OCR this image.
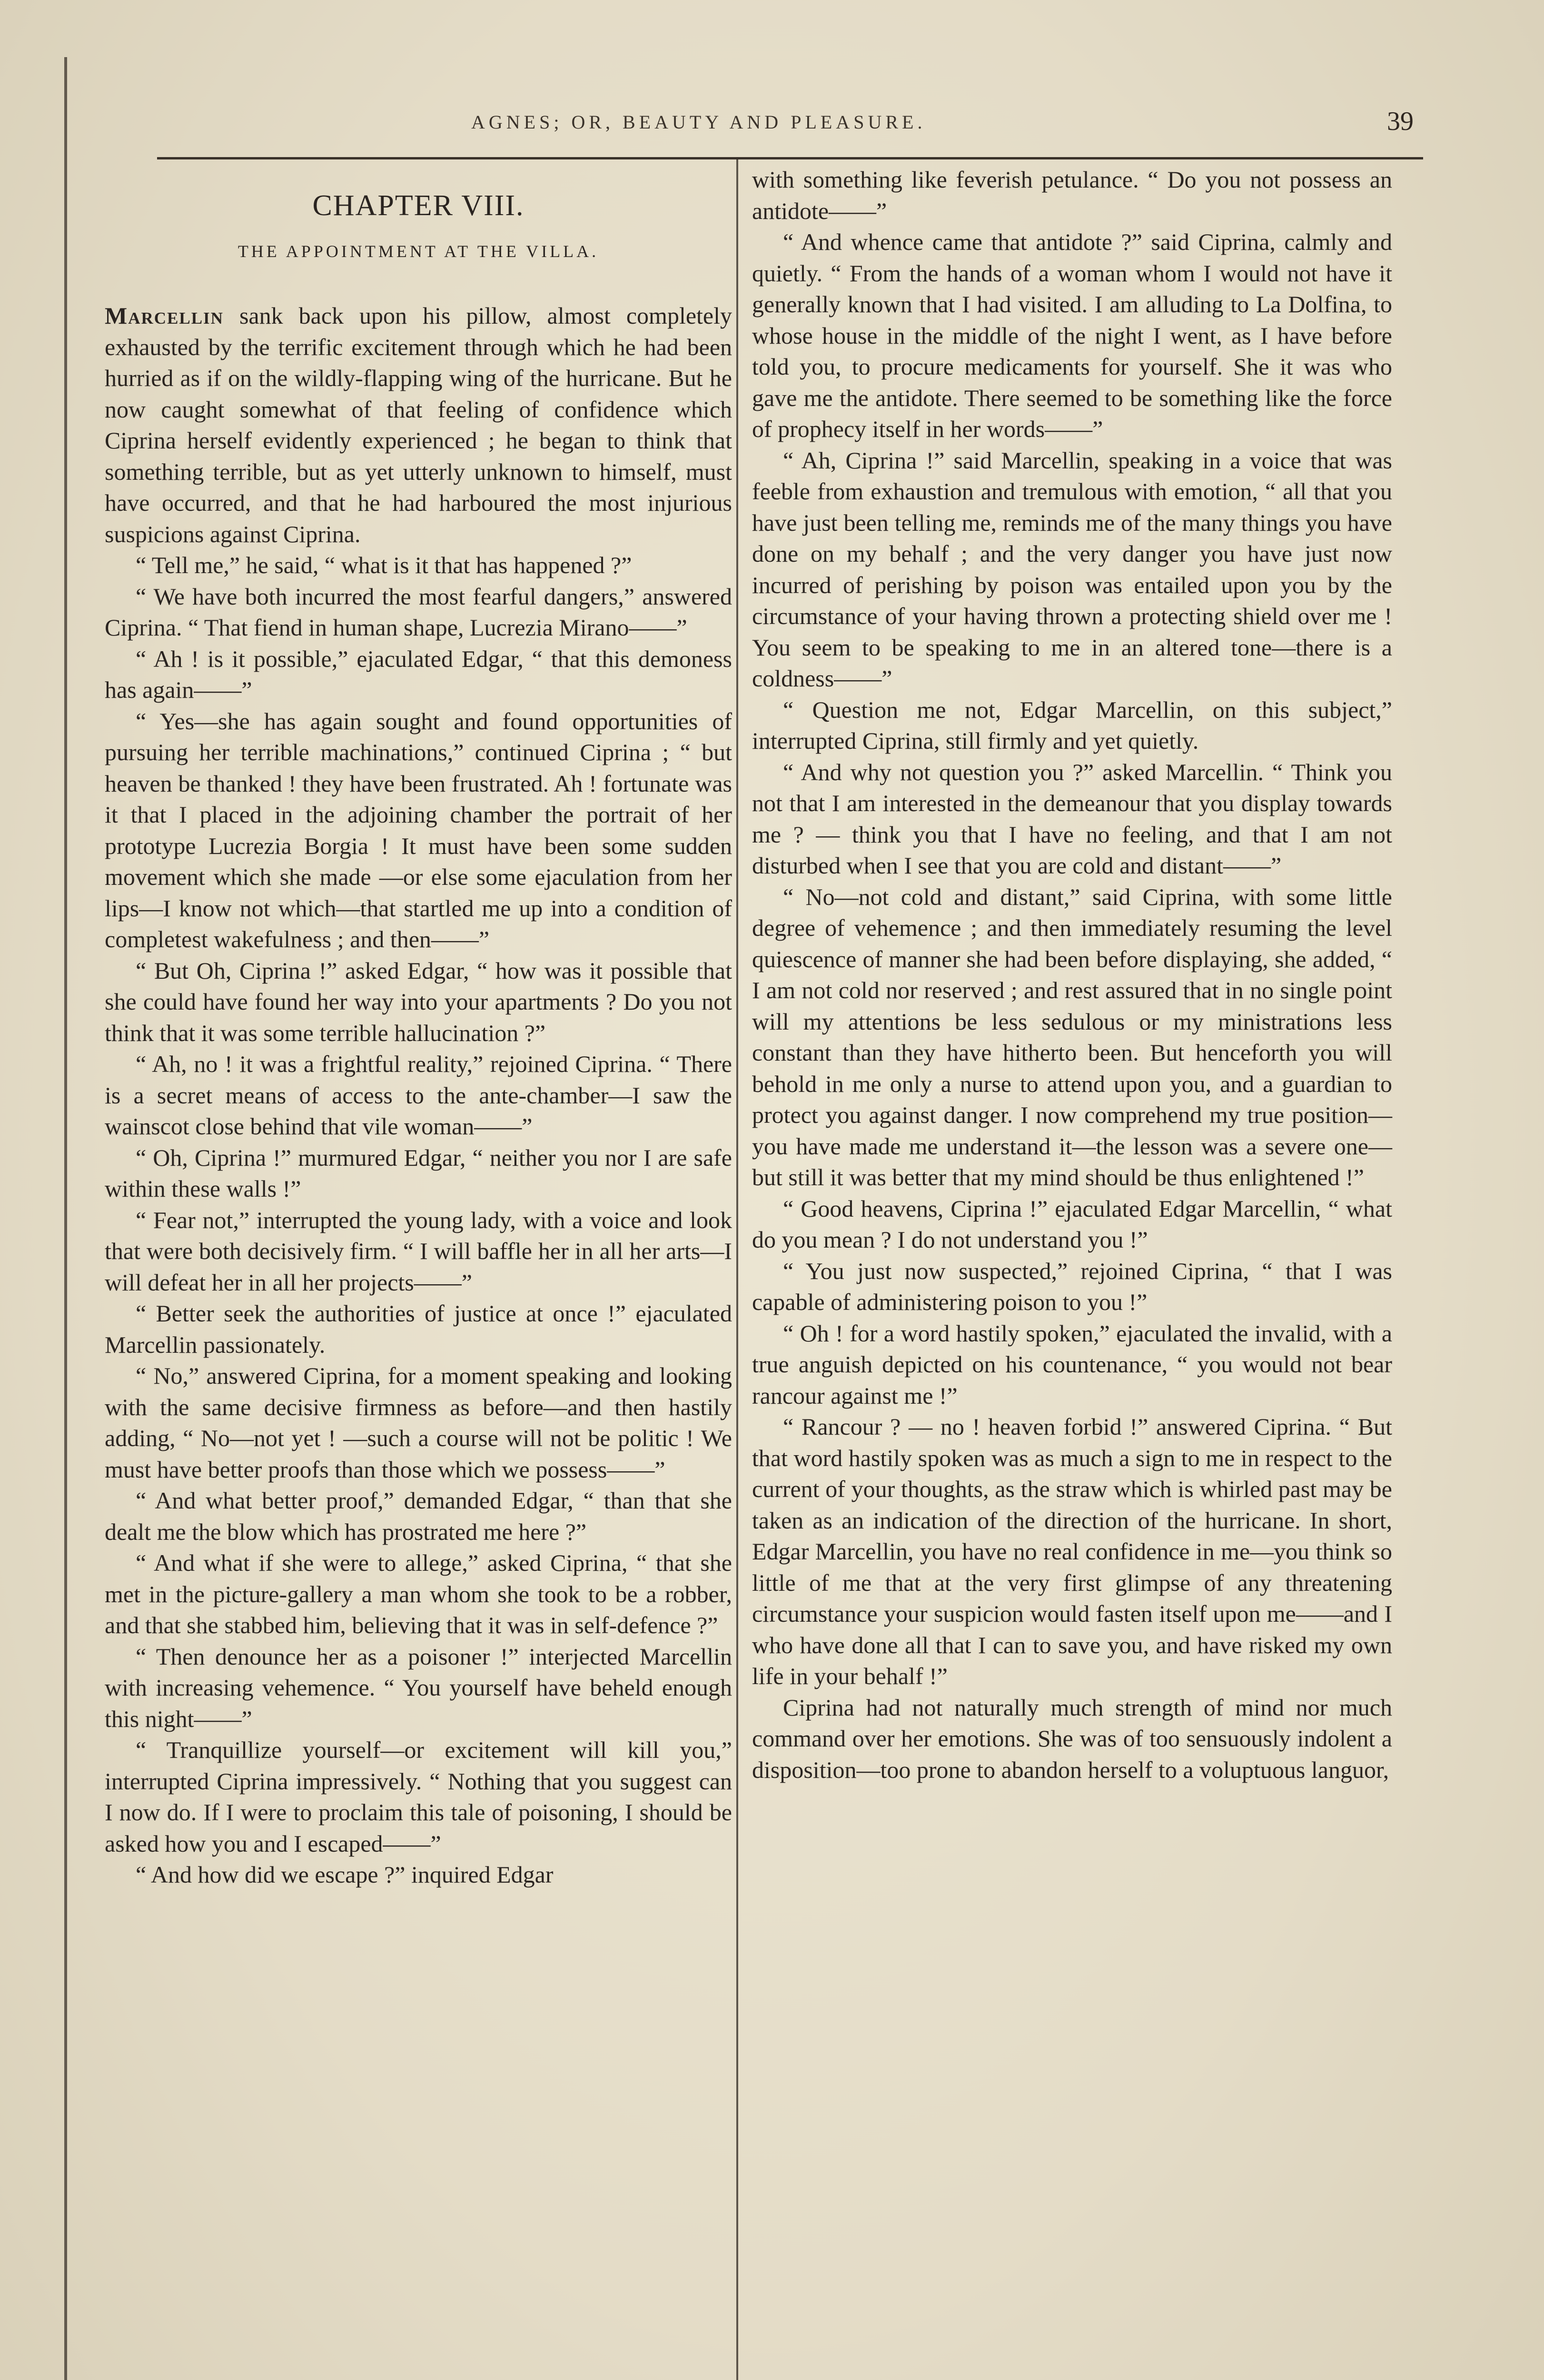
AGNES; OR, BEAUTY AND PLEASURE.	39

CHAPTER VIII.

THE APPOINTMENT AT THE VILLA.

Marcellin sank back upon his pillow, almost completely exhausted by the terrific excitement through which he had been hurried as if on the wildly-flapping wing of the hurricane. But he now caught somewhat of that feeling of confidence which Ciprina herself evidently experienced ; he began to think that something terrible, but as yet utterly unknown to himself, must have occurred, and that he had harboured the most injurious suspicions against Ciprina.

“ Tell me,” he said, “ what is it that has happened ?”

“ We have both incurred the most fearful dangers,” answered Ciprina. “ That fiend in human shape, Lucrezia Mirano——”

“ Ah ! is it possible,” ejaculated Edgar, “ that this demoness has again——”

“ Yes—she has again sought and found opportunities of pursuing her terrible machinations,” continued Ciprina ; “ but heaven be thanked ! they have been frustrated. Ah ! fortunate was it that I placed in the adjoining chamber the portrait of her prototype Lucrezia Borgia ! It must have been some sudden movement which she made —or else some ejaculation from her lips—I know not which—that startled me up into a condition of completest wakefulness ; and then——”

“ But Oh, Ciprina !” asked Edgar, “ how was it possible that she could have found her way into your apartments ? Do you not think that it was some terrible hallucination ?”

“ Ah, no ! it was a frightful reality,” rejoined Ciprina. “ There is a secret means of access to the ante-chamber—I saw the wainscot close behind that vile woman——”

“ Oh, Ciprina !” murmured Edgar, “ neither you nor I are safe within these walls !”

“ Fear not,” interrupted the young lady, with a voice and look that were both decisively firm. “ I will baffle her in all her arts—I will defeat her in all her projects——”

“ Better seek the authorities of justice at once !” ejaculated Marcellin passionately.

“ No,” answered Ciprina, for a moment speaking and looking with the same decisive firmness as before—and then hastily adding, “ No—not yet ! —such a course will not be politic ! We must have better proofs than those which we possess——”

“ And what better proof,” demanded Edgar, “ than that she dealt me the blow which has prostrated me here ?”

“ And what if she were to allege,” asked Ciprina, “ that she met in the picture-gallery a man whom she took to be a robber, and that she stabbed him, believing that it was in self-defence ?”

“ Then denounce her as a poisoner !” interjected Marcellin with increasing vehemence. “ You yourself have beheld enough this night——”

“ Tranquillize yourself—or excitement will kill you,” interrupted Ciprina impressively. “ Nothing that you suggest can I now do. If I were to proclaim this tale of poisoning, I should be asked how you and I escaped——”

“ And how did we escape ?” inquired Edgar

with something like feverish petulance. “ Do you not possess an antidote——”

“ And whence came that antidote ?” said Ciprina, calmly and quietly. “ From the hands of a woman whom I would not have it generally known that I had visited. I am alluding to La Dolfina, to whose house in the middle of the night I went, as I have before told you, to procure medicaments for yourself. She it was who gave me the antidote. There seemed to be something like the force of prophecy itself in her words——”

“ Ah, Ciprina !” said Marcellin, speaking in a voice that was feeble from exhaustion and tremulous with emotion, “ all that you have just been telling me, reminds me of the many things you have done on my behalf ; and the very danger you have just now incurred of perishing by poison was entailed upon you by the circumstance of your having thrown a protecting shield over me ! You seem to be speaking to me in an altered tone—there is a coldness——”

“ Question me not, Edgar Marcellin, on this subject,” interrupted Ciprina, still firmly and yet quietly.

“ And why not question you ?” asked Marcellin. “ Think you not that I am interested in the demeanour that you display towards me ? — think you that I have no feeling, and that I am not disturbed when I see that you are cold and distant——”

“ No—not cold and distant,” said Ciprina, with some little degree of vehemence ; and then immediately resuming the level quiescence of manner she had been before displaying, she added, “ I am not cold nor reserved ; and rest assured that in no single point will my attentions be less sedulous or my ministrations less constant than they have hitherto been. But henceforth you will behold in me only a nurse to attend upon you, and a guardian to protect you against danger. I now comprehend my true position—you have made me understand it—the lesson was a severe one—but still it was better that my mind should be thus enlightened !”

“ Good heavens, Ciprina !” ejaculated Edgar Marcellin, “ what do you mean ? I do not understand you !”

“ You just now suspected,” rejoined Ciprina, “ that I was capable of administering poison to you !”

“ Oh ! for a word hastily spoken,” ejaculated the invalid, with a true anguish depicted on his countenance, “ you would not bear rancour against me !”

“ Rancour ? — no ! heaven forbid !” answered Ciprina. “ But that word hastily spoken was as much a sign to me in respect to the current of your thoughts, as the straw which is whirled past may be taken as an indication of the direction of the hurricane. In short, Edgar Marcellin, you have no real confidence in me—you think so little of me that at the very first glimpse of any threatening circumstance your suspicion would fasten itself upon me——and I who have done all that I can to save you, and have risked my own life in your behalf !”

Ciprina had not naturally much strength of mind nor much command over her emotions. She was of too sensuously indolent a disposition—too prone to abandon herself to a voluptuous languor,
